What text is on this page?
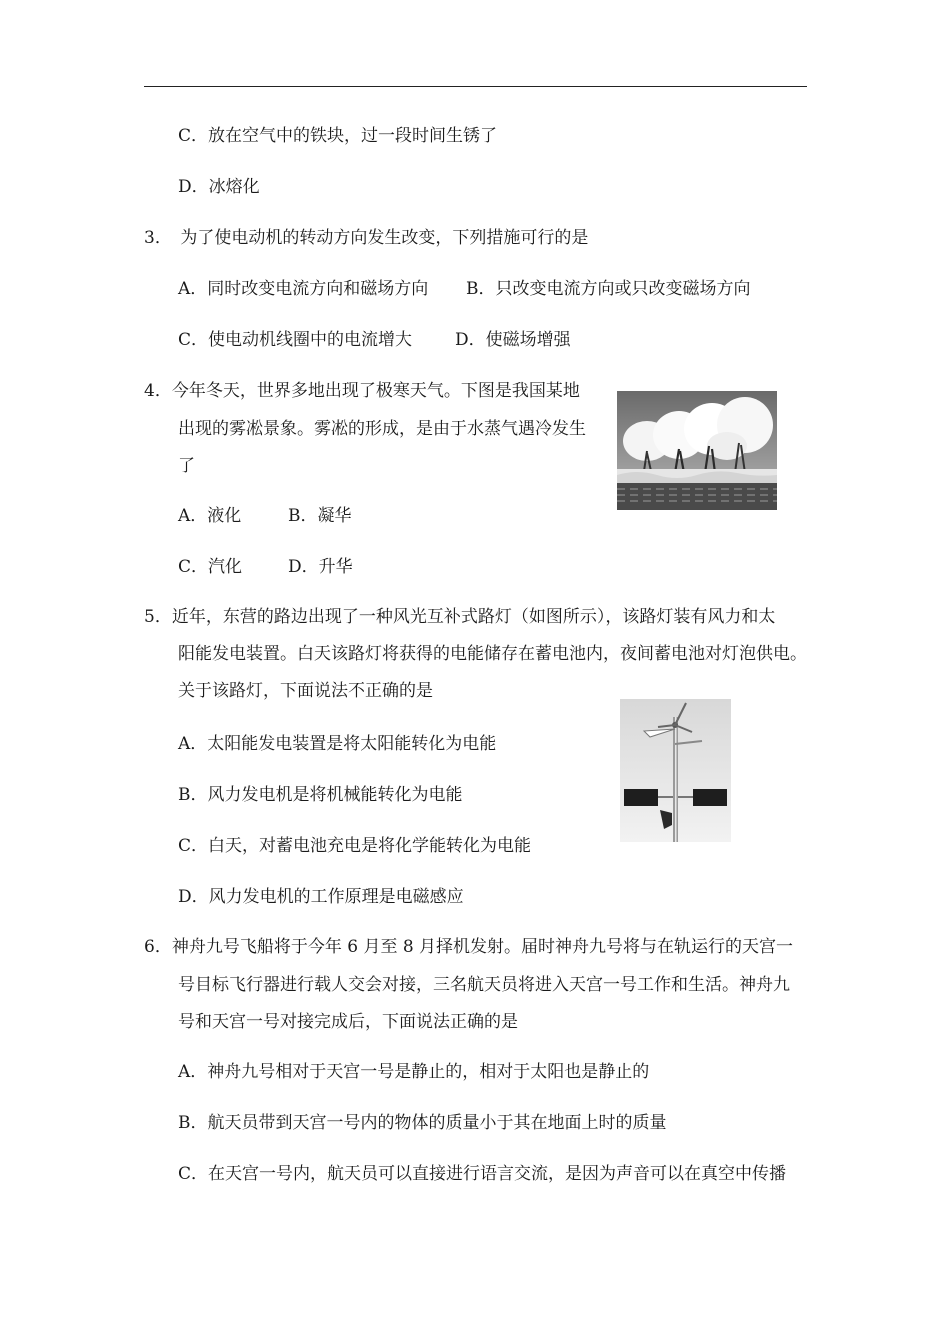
C．放在空气中的铁块，过一段时间生锈了
D．冰熔化
3．　为了使电动机的转动方向发生改变，下列措施可行的是
A．同时改变电流方向和磁场方向 B．只改变电流方向或只改变磁场方向
C．使电动机线圈中的电流增大	D．使磁场增强
4．今年冬天，世界多地出现了极寒天气。下图是我国某地
出现的雾凇景象。雾凇的形成，是由于水蒸气遇冷发生
了
A．液化	B．凝华
C．汽化	D．升华
5．近年，东营的路边出现了一种风光互补式路灯（如图所示），该路灯装有风力和太
阳能发电装置。白天该路灯将获得的电能储存在蓄电池内，夜间蓄电池对灯泡供电。
关于该路灯，下面说法不正确的是
A．太阳能发电装置是将太阳能转化为电能
B．风力发电机是将机械能转化为电能
C．白天，对蓄电池充电是将化学能转化为电能
D．风力发电机的工作原理是电磁感应
6．神舟九号飞船将于今年 6 月至 8 月择机发射。届时神舟九号将与在轨运行的天宫一
号目标飞行器进行载人交会对接，三名航天员将进入天宫一号工作和生活。神舟九
号和天宫一号对接完成后，下面说法正确的是
A．神舟九号相对于天宫一号是静止的，相对于太阳也是静止的
B．航天员带到天宫一号内的物体的质量小于其在地面上时的质量
C．在天宫一号内，航天员可以直接进行语言交流，是因为声音可以在真空中传播
